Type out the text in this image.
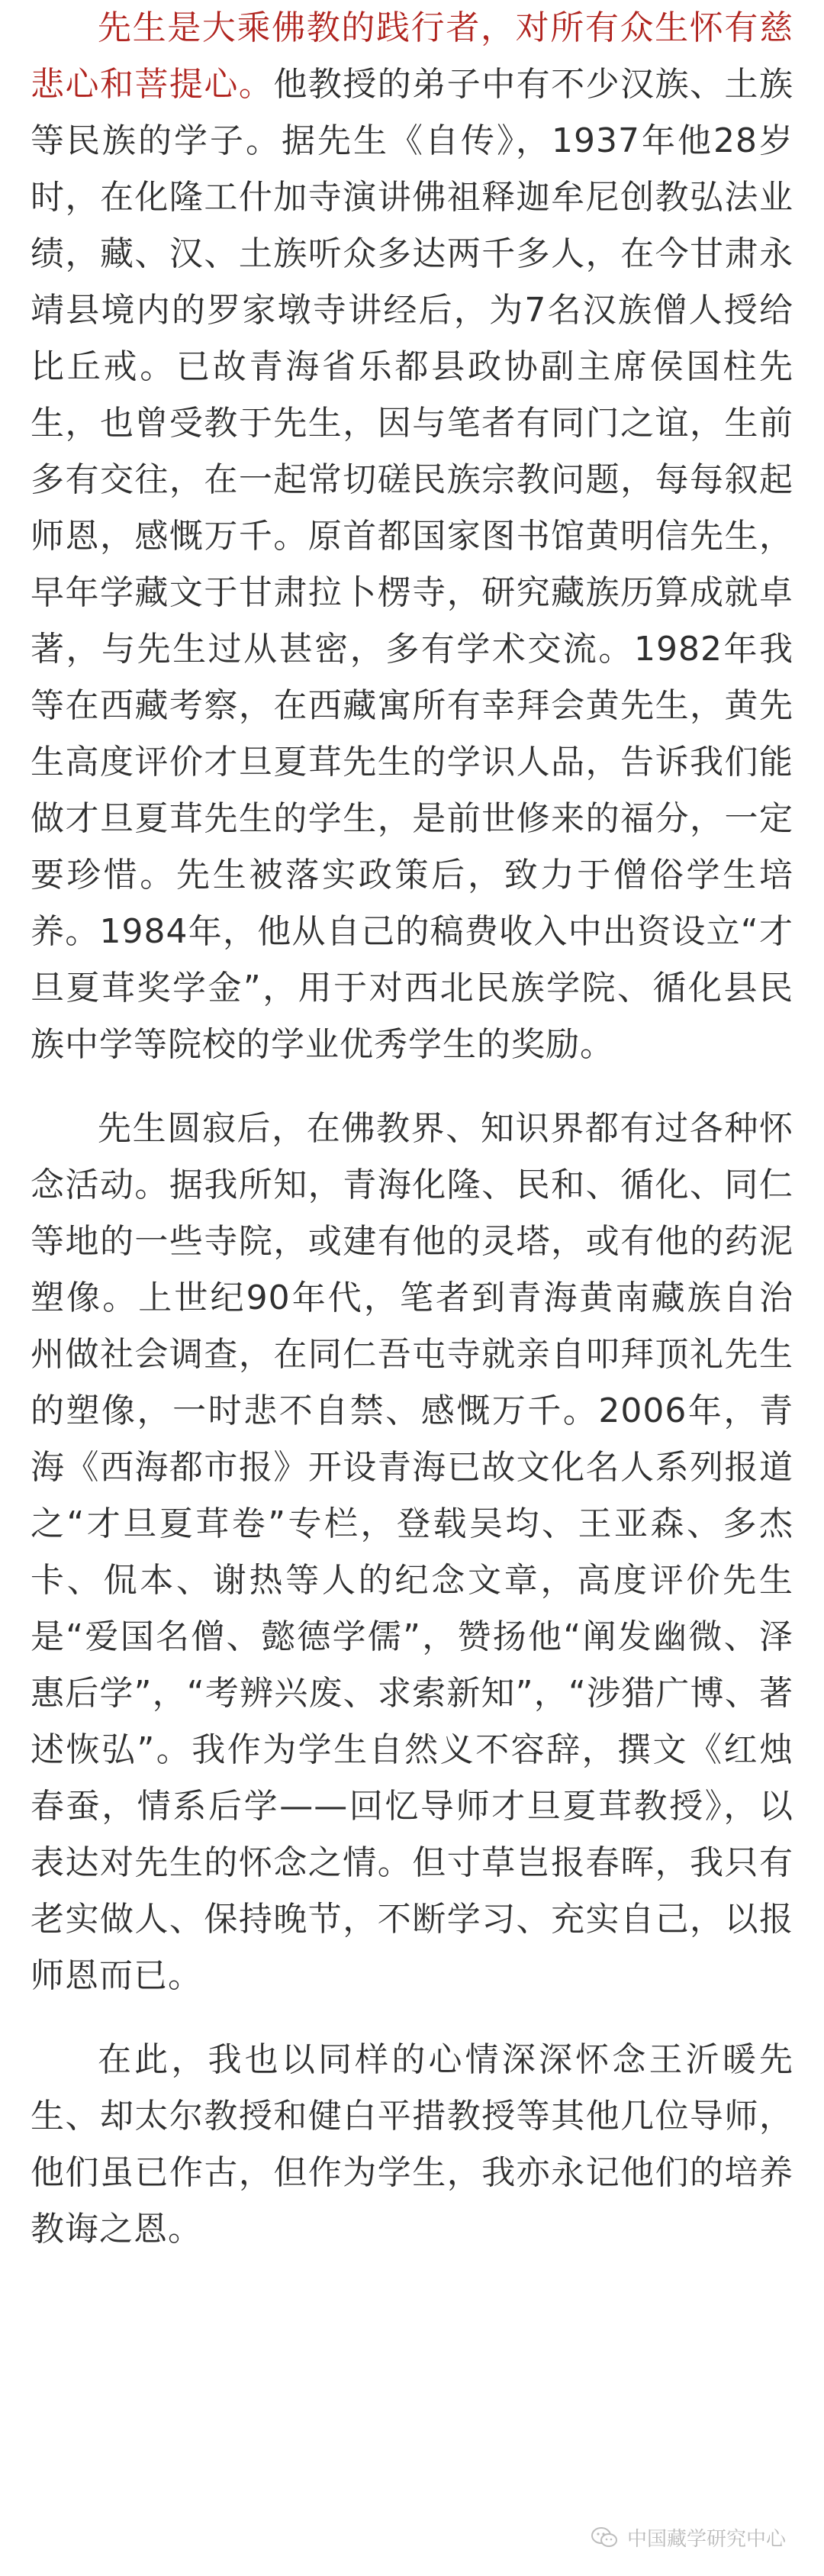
先生是大乘佛教的践行者，对所有众生怀有慈悲心和菩提心。他教授的弟子中有不少汉族、土族等民族的学子。据先生《自传》，1937年他28岁时，在化隆工什加寺演讲佛祖释迦牟尼创教弘法业绩，藏、汉、土族听众多达两千多人，在今甘肃永靖县境内的罗家墩寺讲经后，为7名汉族僧人授给比丘戒。已故青海省乐都县政协副主席侯国柱先生，也曾受教于先生，因与笔者有同门之谊，生前多有交往，在一起常切磋民族宗教问题，每每叙起师恩，感慨万千。原首都国家图书馆黄明信先生，早年学藏文于甘肃拉卜楞寺，研究藏族历算成就卓著，与先生过从甚密，多有学术交流。1982年我等在西藏考察，在西藏寓所有幸拜会黄先生，黄先生高度评价才旦夏茸先生的学识人品，告诉我们能做才旦夏茸先生的学生，是前世修来的福分，一定要珍惜。先生被落实政策后，致力于僧俗学生培养。1984年，他从自己的稿费收入中出资设立“才旦夏茸奖学金”，用于对西北民族学院、循化县民族中学等院校的学业优秀学生的奖励。

先生圆寂后，在佛教界、知识界都有过各种怀念活动。据我所知，青海化隆、民和、循化、同仁等地的一些寺院，或建有他的灵塔，或有他的药泥塑像。上世纪90年代，笔者到青海黄南藏族自治州做社会调查，在同仁吾屯寺就亲自叩拜顶礼先生的塑像，一时悲不自禁、感慨万千。2006年，青海《西海都市报》开设青海已故文化名人系列报道之“才旦夏茸卷”专栏，登载吴均、王亚森、多杰卡、侃本、谢热等人的纪念文章，高度评价先生是“爱国名僧、懿德学儒”，赞扬他“阐发幽微、泽惠后学”，“考辨兴废、求索新知”，“涉猎广博、著述恢弘”。我作为学生自然义不容辞，撰文《红烛春蚕，情系后学——回忆导师才旦夏茸教授》，以表达对先生的怀念之情。但寸草岂报春晖，我只有老实做人、保持晚节，不断学习、充实自己，以报师恩而已。

在此，我也以同样的心情深深怀念王沂暖先生、却太尔教授和健白平措教授等其他几位导师，他们虽已作古，但作为学生，我亦永记他们的培养教诲之恩。

中国藏学研究中心
